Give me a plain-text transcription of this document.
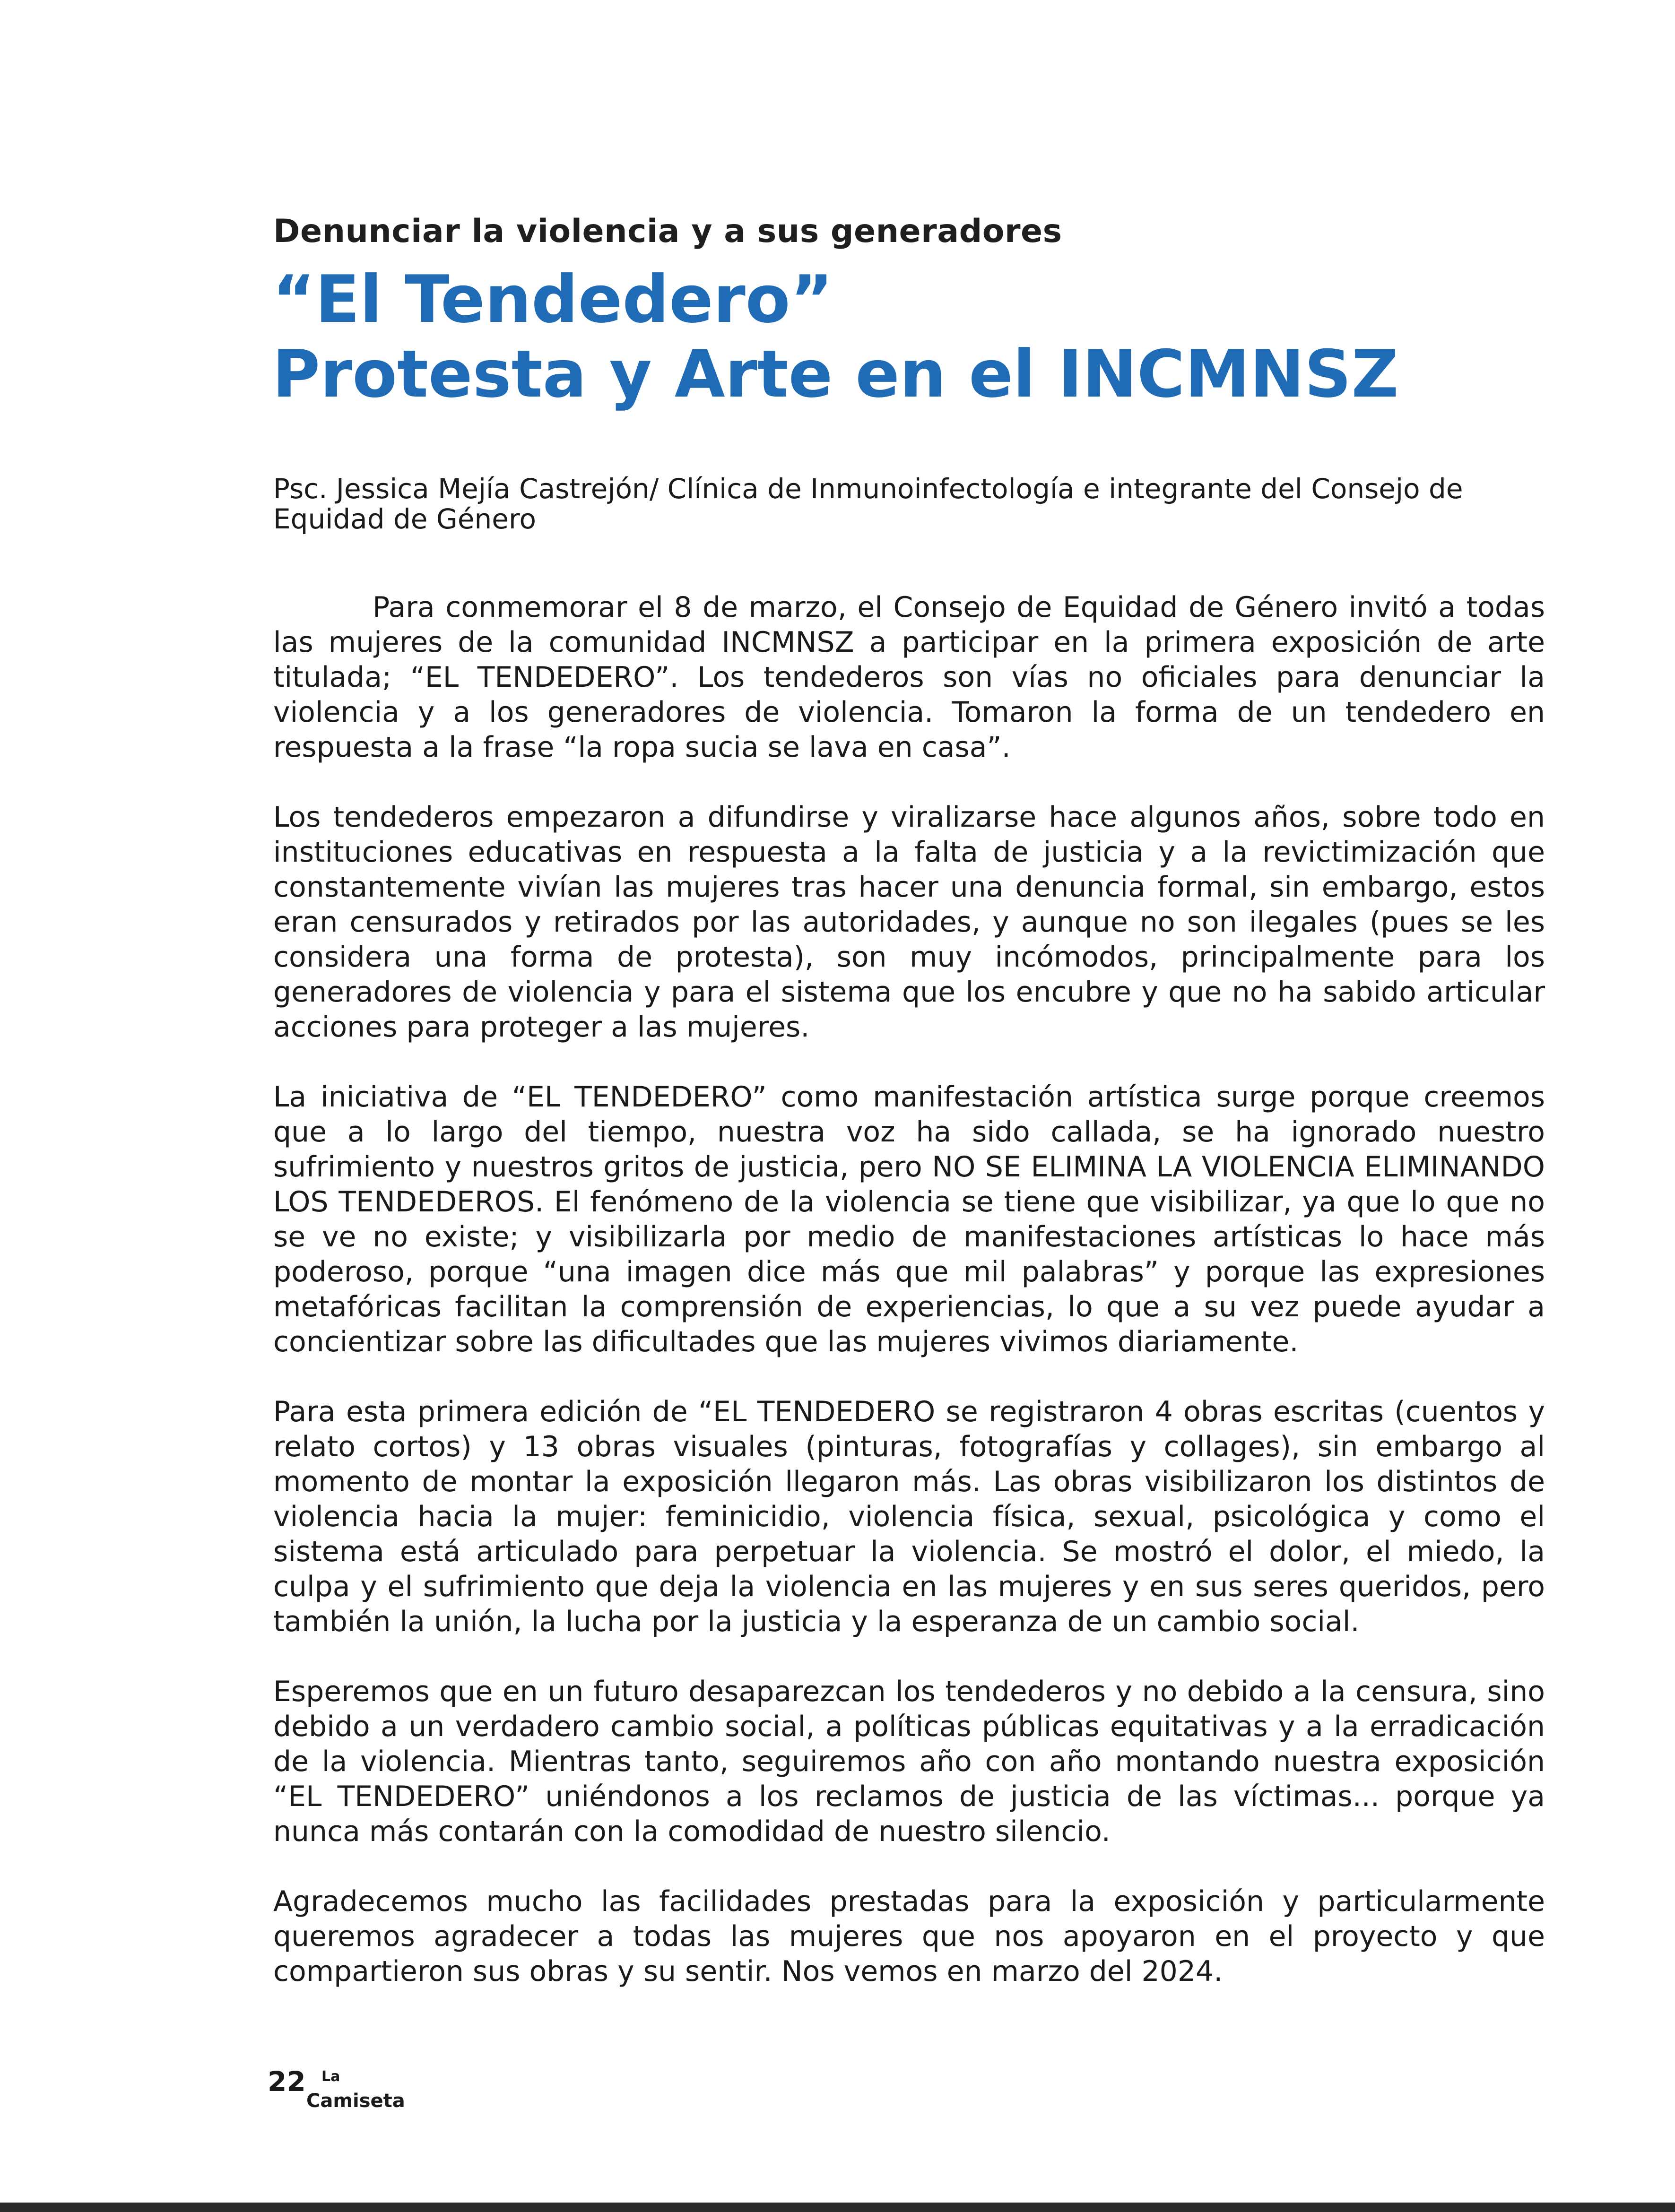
Denunciar la violencia y a sus generadores
“El Tendedero”
Protesta y Arte en el INCMNSZ
Psc. Jessica Mejía Castrejón/ Clínica de Inmunoinfectología e integrante del Consejo de Equidad de Género

Para conmemorar el 8 de marzo, el Consejo de Equidad de Género invitó a todas las mujeres de la comunidad INCMNSZ a participar en la primera exposición de arte titulada; “EL TENDEDERO”. Los tendederos son vías no oficiales para denunciar la violencia y a los generadores de violencia. Tomaron la forma de un tendedero en respuesta a la frase “la ropa sucia se lava en casa”.

Los tendederos empezaron a difundirse y viralizarse hace algunos años, sobre todo en instituciones educativas en respuesta a la falta de justicia y a la revictimización que constantemente vivían las mujeres tras hacer una denuncia formal, sin embargo, estos eran censurados y retirados por las autoridades, y aunque no son ilegales (pues se les considera una forma de protesta), son muy incómodos, principalmente para los generadores de violencia y para el sistema que los encubre y que no ha sabido articular acciones para proteger a las mujeres.

La iniciativa de “EL TENDEDERO” como manifestación artística surge porque creemos que a lo largo del tiempo, nuestra voz ha sido callada, se ha ignorado nuestro sufrimiento y nuestros gritos de justicia, pero NO SE ELIMINA LA VIOLENCIA ELIMINANDO LOS TENDEDEROS. El fenómeno de la violencia se tiene que visibilizar, ya que lo que no se ve no existe; y visibilizarla por medio de manifestaciones artísticas lo hace más poderoso, porque “una imagen dice más que mil palabras” y porque las expresiones metafóricas facilitan la comprensión de experiencias, lo que a su vez puede ayudar a concientizar sobre las dificultades que las mujeres vivimos diariamente.

Para esta primera edición de “EL TENDEDERO se registraron 4 obras escritas (cuentos y relato cortos) y 13 obras visuales (pinturas, fotografías y collages), sin embargo al momento de montar la exposición llegaron más. Las obras visibilizaron los distintos de violencia hacia la mujer: feminicidio, violencia física, sexual, psicológica y como el sistema está articulado para perpetuar la violencia. Se mostró el dolor, el miedo, la culpa y el sufrimiento que deja la violencia en las mujeres y en sus seres queridos, pero también la unión, la lucha por la justicia y la esperanza de un cambio social.

Esperemos que en un futuro desaparezcan los tendederos y no debido a la censura, sino debido a un verdadero cambio social, a políticas públicas equitativas y a la erradicación de la violencia. Mientras tanto, seguiremos año con año montando nuestra exposición “EL TENDEDERO” uniéndonos a los reclamos de justicia de las víctimas... porque ya nunca más contarán con la comodidad de nuestro silencio.

Agradecemos mucho las facilidades prestadas para la exposición y particularmente queremos agradecer a todas las mujeres que nos apoyaron en el proyecto y que compartieron sus obras y su sentir. Nos vemos en marzo del 2024.

22 La
Camiseta
